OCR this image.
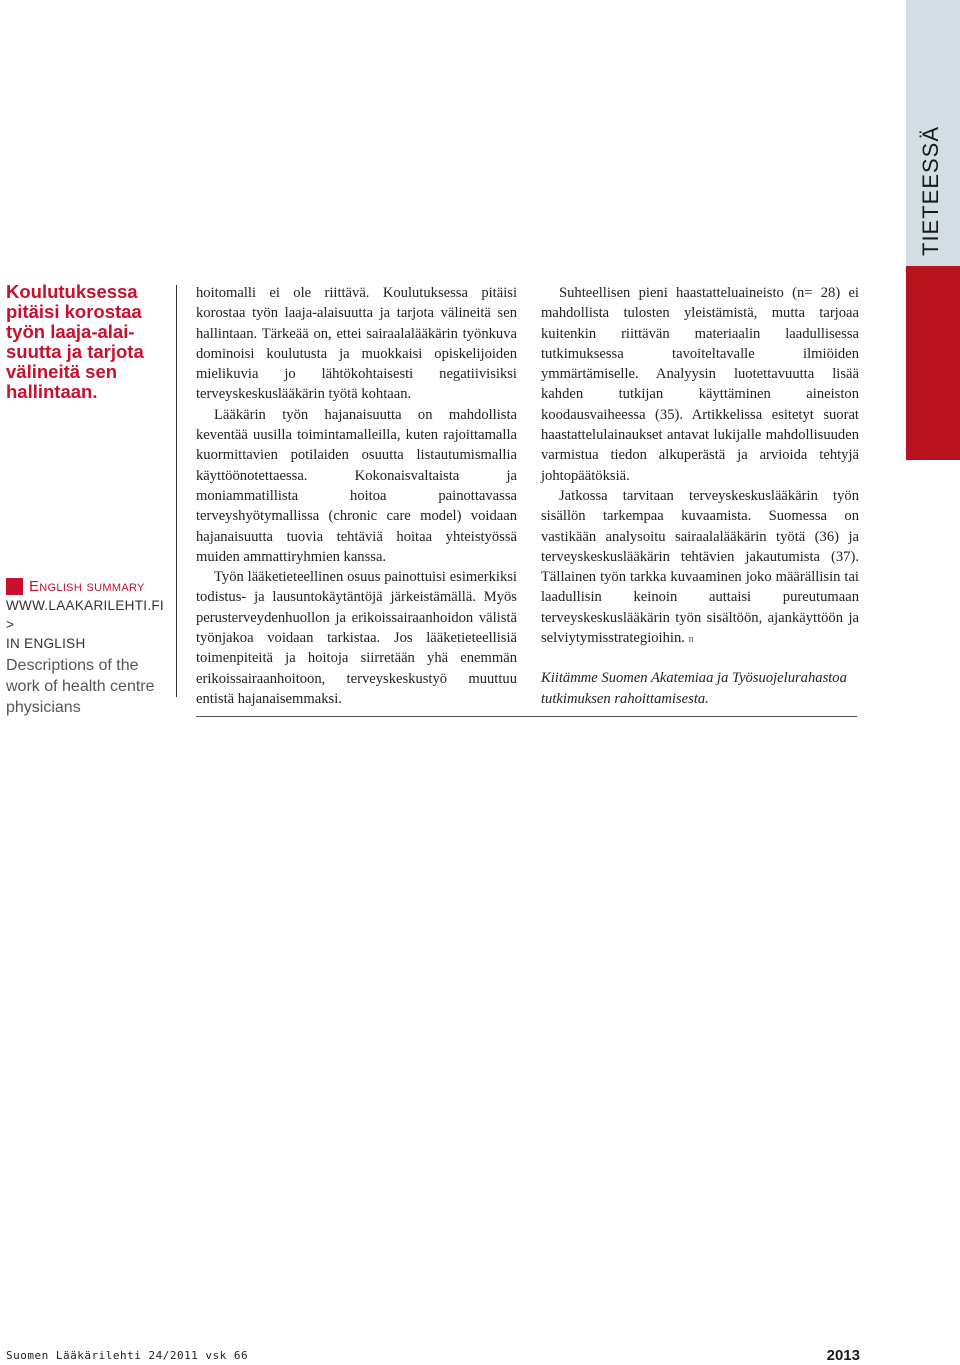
TIETEESSÄ
Koulutuksessa
pitäisi korostaa
työn laaja-alai-
suutta ja tarjota
välineitä sen
hallintaan.
English summary
WWW.LAAKARILEHTI.FI >
IN ENGLISH
Descriptions of the
work of health centre
physicians

hoitomalli ei ole riittävä. Koulutuksessa pitäisi korostaa työn laaja-alaisuutta ja tarjota välineitä sen hallintaan. Tärkeää on, ettei sairaalalääkärin työnkuva dominoisi koulutusta ja muokkaisi opiskelijoiden mielikuvia jo lähtökohtaisesti negatiivisiksi terveyskeskuslääkärin työtä kohtaan.

Lääkärin työn hajanaisuutta on mahdollista keventää uusilla toimintamalleilla, kuten rajoittamalla kuormittavien potilaiden osuutta listautumismallia käyttöönotettaessa. Kokonaisvaltaista ja moniammatillista hoitoa painottavassa terveyshyötymallissa (chronic care model) voidaan hajanaisuutta tuovia tehtäviä hoitaa yhteistyössä muiden ammattiryhmien kanssa.

Työn lääketieteellinen osuus painottuisi esimerkiksi todistus- ja lausuntokäytäntöjä järkeistämällä. Myös perusterveydenhuollon ja erikoissairaanhoidon välistä työnjakoa voidaan tarkistaa. Jos lääketieteellisiä toimenpiteitä ja hoitoja siirretään yhä enemmän erikoissairaanhoitoon, terveyskeskustyö muuttuu entistä hajanaisemmaksi.

Suhteellisen pieni haastatteluaineisto (n= 28) ei mahdollista tulosten yleistämistä, mutta tarjoaa kuitenkin riittävän materiaalin laadullisessa tutkimuksessa tavoiteltavalle ilmiöiden ymmärtämiselle. Analyysin luotettavuutta lisää kahden tutkijan käyttäminen aineiston koodausvaiheessa (35). Artikkelissa esitetyt suorat haastattelulainaukset antavat lukijalle mahdollisuuden varmistua tiedon alkuperästä ja arvioida tehtyjä johtopäätöksiä.

Jatkossa tarvitaan terveyskeskuslääkärin työn sisällön tarkempaa kuvaamista. Suomessa on vastikään analysoitu sairaalalääkärin työtä (36) ja terveyskeskuslääkärin tehtävien jakautumista (37). Tällainen työn tarkka kuvaaminen joko määrällisin tai laadullisin keinoin auttaisi pureutumaan terveyskeskuslääkärin työn sisältöön, ajankäyttöön ja selviytymisstrategioihin. n

Kiitämme Suomen Akatemiaa ja Työsuojelurahastoa tutkimuksen rahoittamisesta.

Suomen Lääkärilehti 24/2011 vsk 66	2013
